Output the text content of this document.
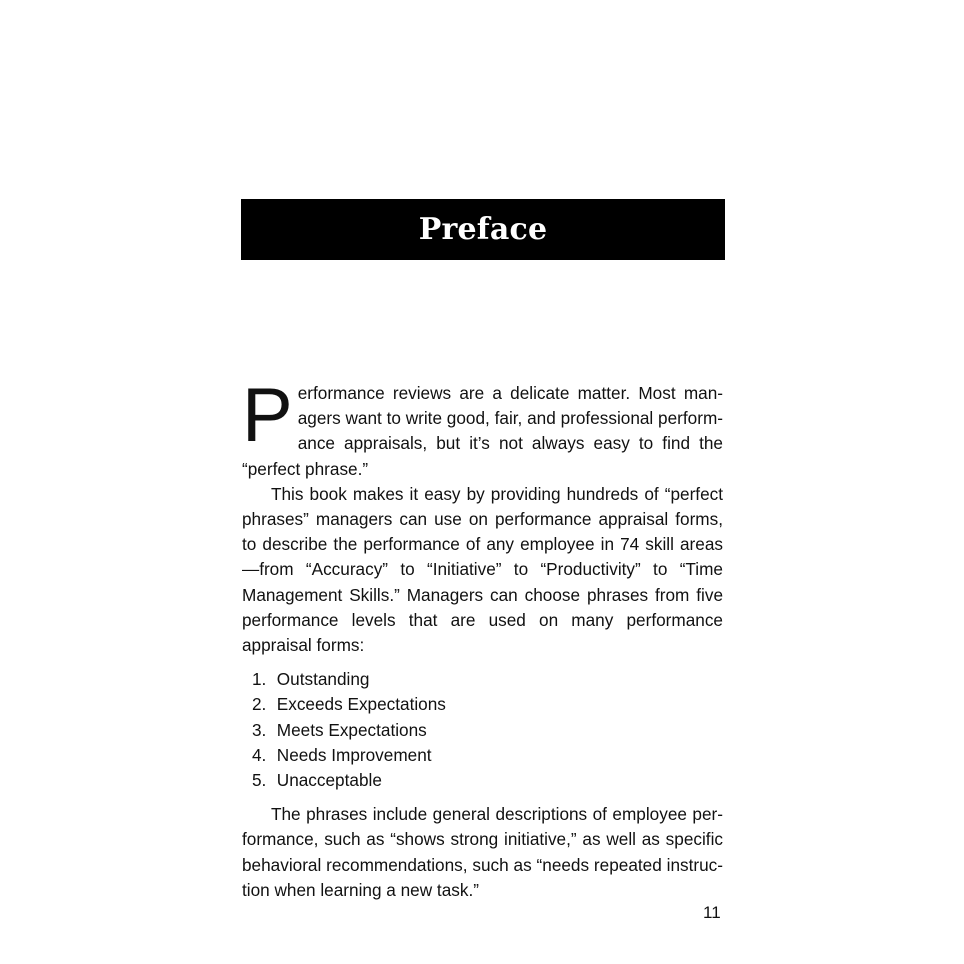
Preface

Performance reviews are a delicate matter. Most managers want to write good, fair, and professional performance appraisals, but it’s not always easy to find the “perfect phrase.”

This book makes it easy by providing hundreds of “perfect phrases” managers can use on performance appraisal forms, to describe the performance of any employee in 74 skill areas—from “Accuracy” to “Initiative” to “Productivity” to “Time Management Skills.” Managers can choose phrases from five performance levels that are used on many performance appraisal forms:

1. Outstanding
2. Exceeds Expectations
3. Meets Expectations
4. Needs Improvement
5. Unacceptable

The phrases include general descriptions of employee performance, such as “shows strong initiative,” as well as specific behavioral recommendations, such as “needs repeated instruction when learning a new task.”

11
